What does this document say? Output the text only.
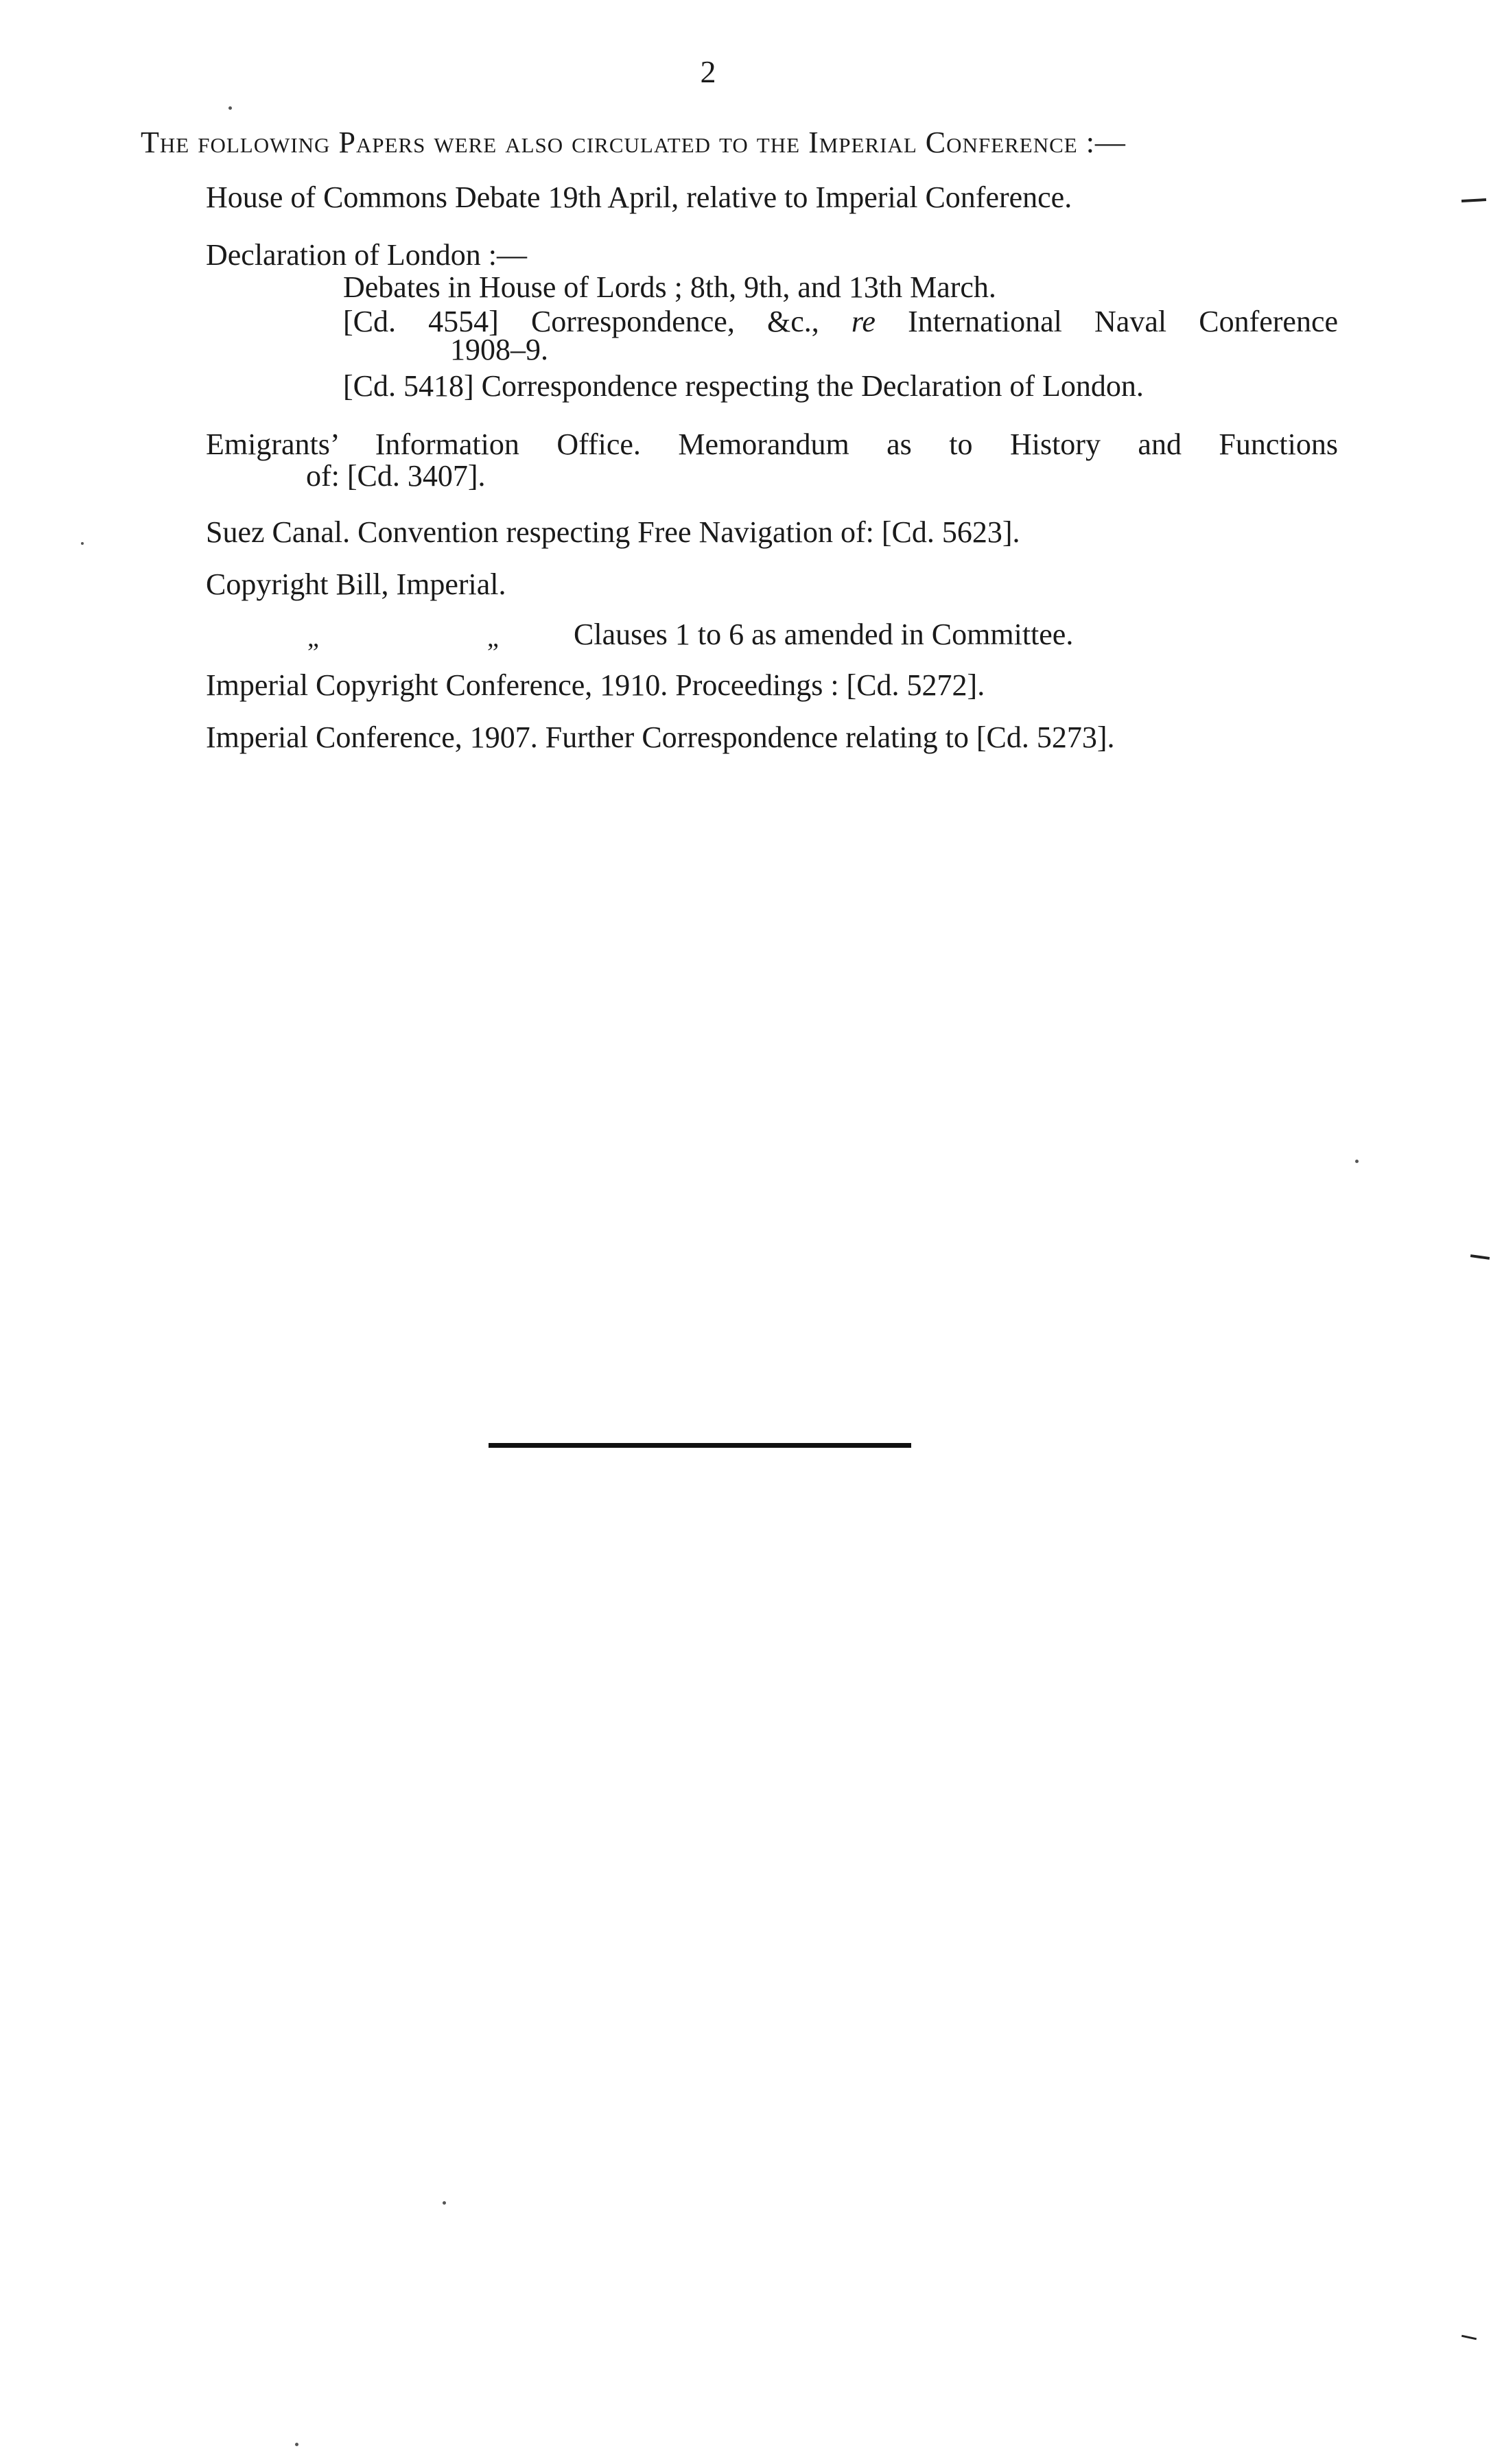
2
The following Papers were also circulated to the Imperial Conference :—
House of Commons Debate 19th April, relative to Imperial Conference.
Declaration of London :—
Debates in House of Lords ; 8th, 9th, and 13th March.
[Cd. 4554] Correspondence, &c., re International Naval Conference
1908–9.
[Cd. 5418] Correspondence respecting the Declaration of London.
Emigrants’ Information Office. Memorandum as to History and Functions
of: [Cd. 3407].
Suez Canal. Convention respecting Free Navigation of: [Cd. 5623].
Copyright Bill, Imperial.
„	„ Clauses 1 to 6 as amended in Committee.
Imperial Copyright Conference, 1910. Proceedings : [Cd. 5272].
Imperial Conference, 1907. Further Correspondence relating to [Cd. 5273].
